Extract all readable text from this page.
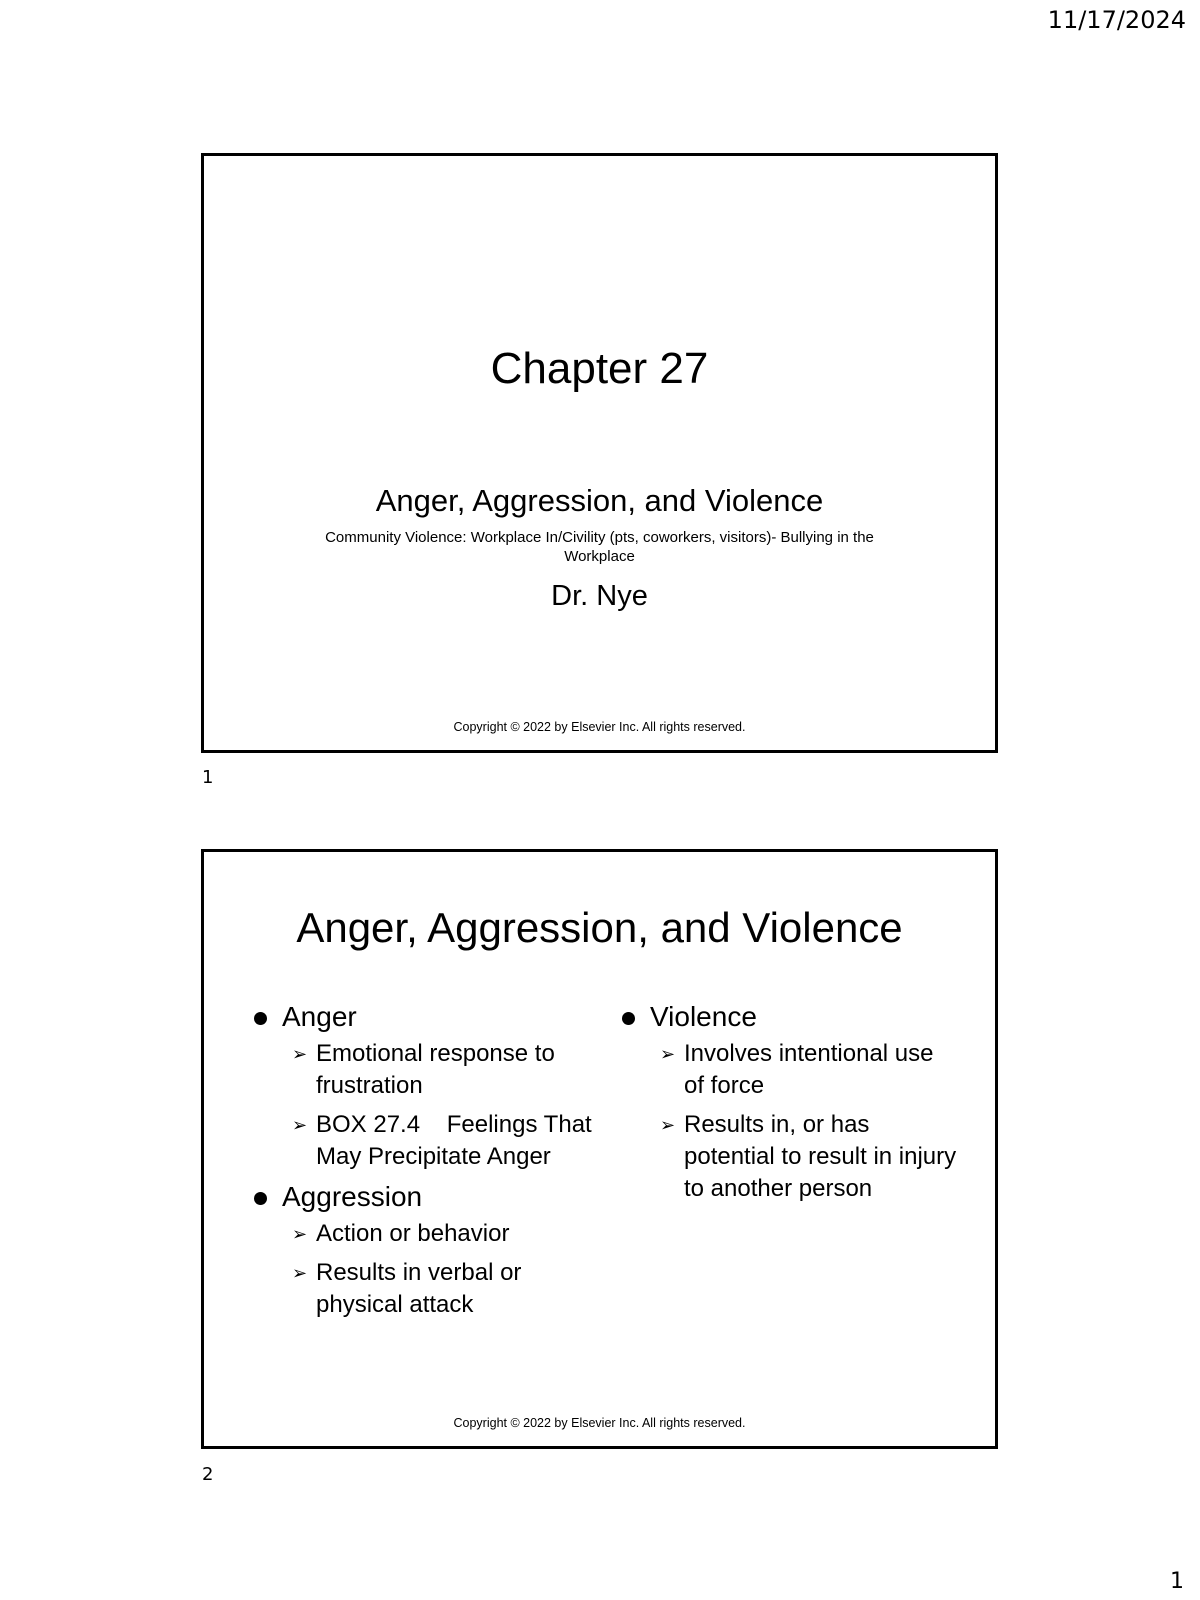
11/17/2024
Chapter 27
Anger, Aggression, and Violence
Community Violence: Workplace In/Civility (pts, coworkers, visitors)- Bullying in the Workplace
Dr. Nye
Copyright © 2022 by Elsevier Inc. All rights reserved.
1
Anger, Aggression, and Violence
Anger
➢ Emotional response to frustration
➢ BOX 27.4    Feelings That May Precipitate Anger
Aggression
➢ Action or behavior
➢ Results in verbal or physical attack
Violence
➢ Involves intentional use of force
➢ Results in, or has potential to result in injury to another person
Copyright © 2022 by Elsevier Inc. All rights reserved.
2
1
